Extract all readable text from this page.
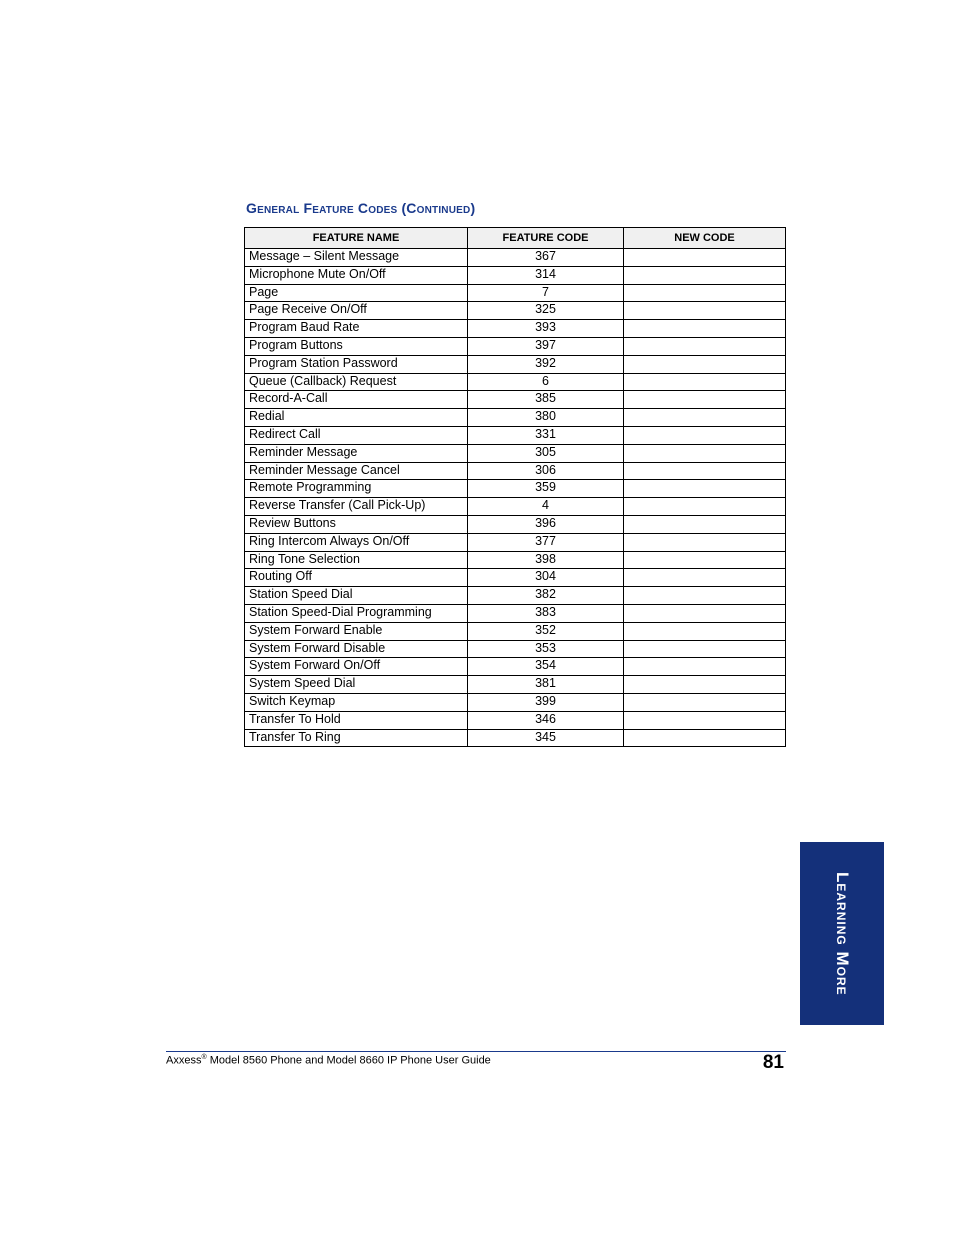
General Feature Codes (Continued)
FEATURE NAME	FEATURE CODE	NEW CODE
Message – Silent Message	367	
Microphone Mute On/Off	314	
Page	7	
Page Receive On/Off	325	
Program Baud Rate	393	
Program Buttons	397	
Program Station Password	392	
Queue (Callback) Request	6	
Record-A-Call	385	
Redial	380	
Redirect Call	331	
Reminder Message	305	
Reminder Message Cancel	306	
Remote Programming	359	
Reverse Transfer (Call Pick-Up)	4	
Review Buttons	396	
Ring Intercom Always On/Off	377	
Ring Tone Selection	398	
Routing Off	304	
Station Speed Dial	382	
Station Speed-Dial Programming	383	
System Forward Enable	352	
System Forward Disable	353	
System Forward On/Off	354	
System Speed Dial	381	
Switch Keymap	399	
Transfer To Hold	346	
Transfer To Ring	345	
Learning More
Axxess® Model 8560 Phone and Model 8660 IP Phone User Guide	81
